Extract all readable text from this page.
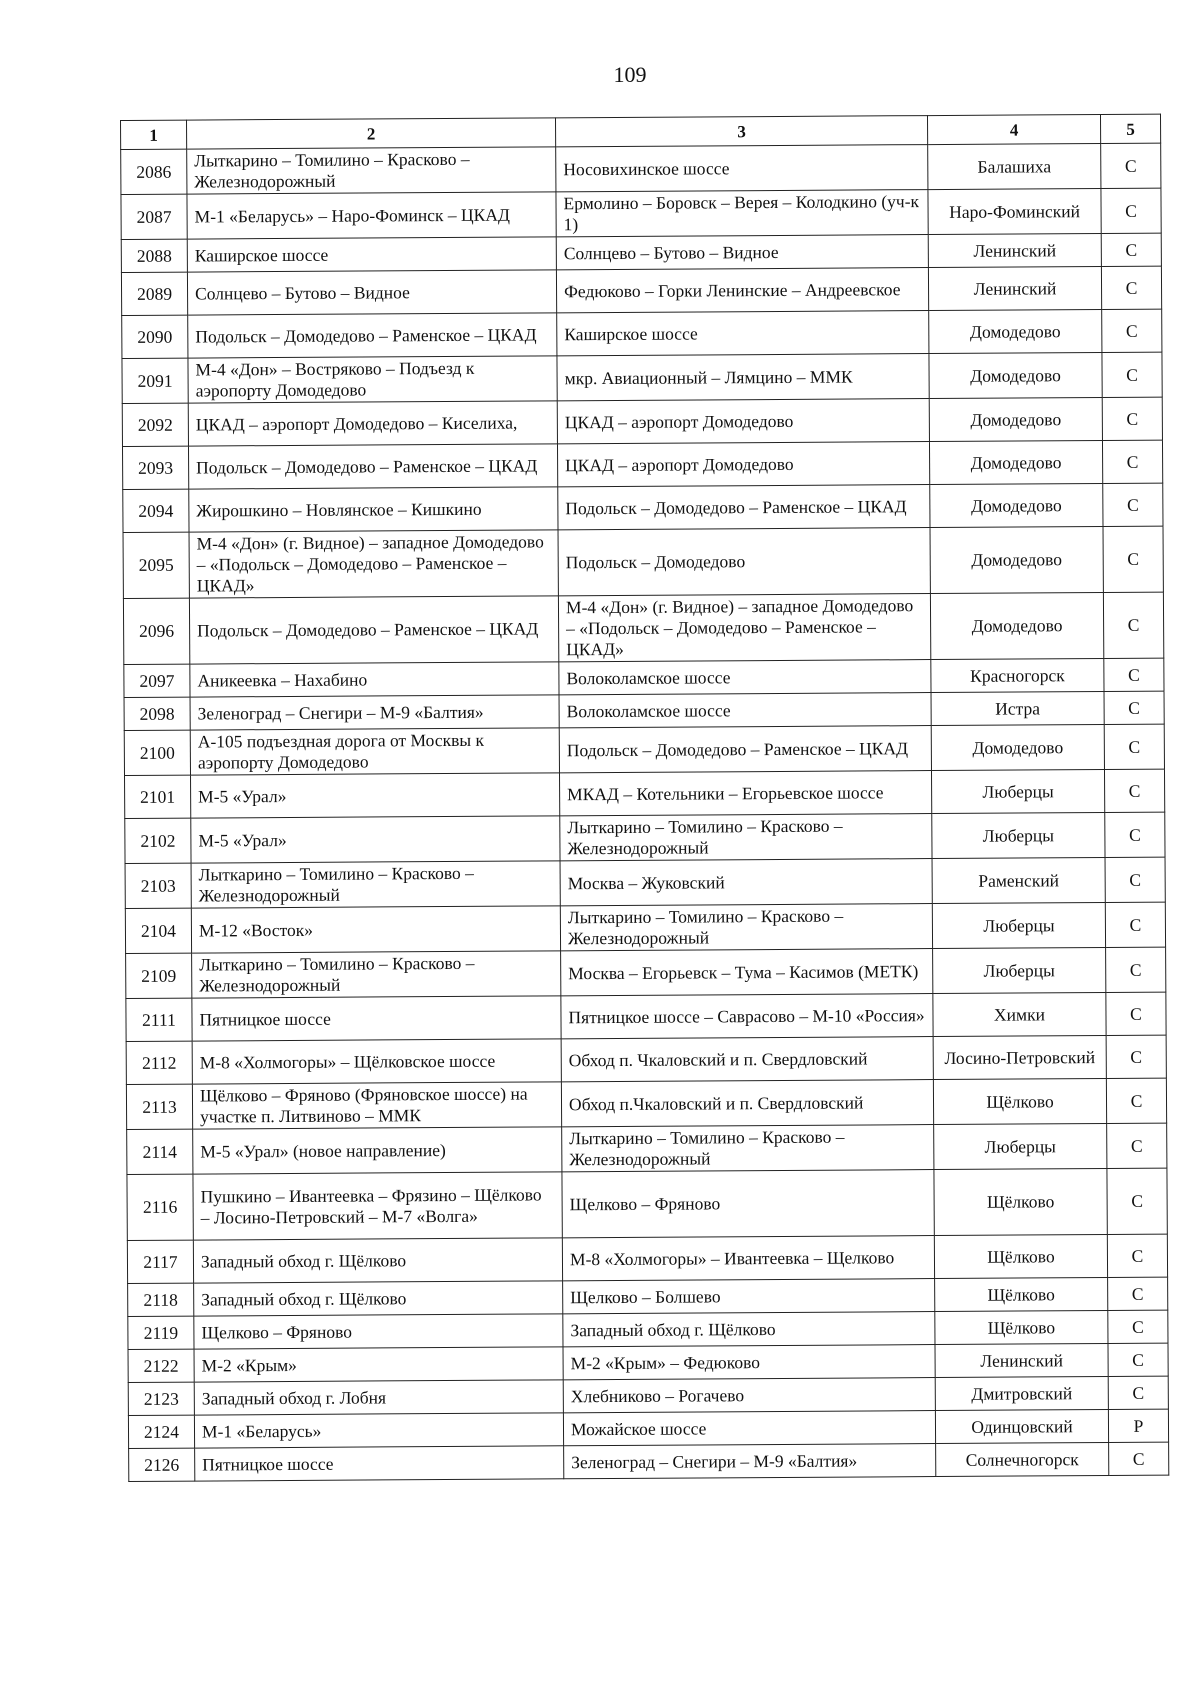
109
1	2	3	4	5
2086	Лыткарино – Томилино – Красково – Железнодорожный	Носовихинское шоссе	Балашиха	С
2087	М-1 «Беларусь» – Наро-Фоминск – ЦКАД	Ермолино – Боровск – Верея – Колодкино (уч-к 1)	Наро-Фоминский	С
2088	Каширское шоссе	Солнцево – Бутово – Видное	Ленинский	С
2089	Солнцево – Бутово – Видное	Федюково – Горки Ленинские – Андреевское	Ленинский	С
2090	Подольск – Домодедово – Раменское – ЦКАД	Каширское шоссе	Домодедово	С
2091	М-4 «Дон» – Востряково – Подъезд к аэропорту Домодедово	мкр. Авиационный – Лямцино – ММК	Домодедово	С
2092	ЦКАД – аэропорт Домодедово – Киселиха,	ЦКАД – аэропорт Домодедово	Домодедово	С
2093	Подольск – Домодедово – Раменское – ЦКАД	ЦКАД – аэропорт Домодедово	Домодедово	С
2094	Жирошкино – Новлянское – Кишкино	Подольск – Домодедово – Раменское – ЦКАД	Домодедово	С
2095	М-4 «Дон» (г. Видное) – западное Домодедово – «Подольск – Домодедово – Раменское – ЦКАД»	Подольск – Домодедово	Домодедово	С
2096	Подольск – Домодедово – Раменское – ЦКАД	М-4 «Дон» (г. Видное) – западное Домодедово – «Подольск – Домодедово – Раменское – ЦКАД»	Домодедово	С
2097	Аникеевка – Нахабино	Волоколамское шоссе	Красногорск	С
2098	Зеленоград – Снегири – М-9 «Балтия»	Волоколамское шоссе	Истра	С
2100	А-105 подъездная дорога от Москвы к аэропорту Домодедово	Подольск – Домодедово – Раменское – ЦКАД	Домодедово	С
2101	М-5 «Урал»	МКАД – Котельники – Егорьевское шоссе	Люберцы	С
2102	М-5 «Урал»	Лыткарино – Томилино – Красково – Железнодорожный	Люберцы	С
2103	Лыткарино – Томилино – Красково – Железнодорожный	Москва – Жуковский	Раменский	С
2104	М-12 «Восток»	Лыткарино – Томилино – Красково – Железнодорожный	Люберцы	С
2109	Лыткарино – Томилино – Красково – Железнодорожный	Москва – Егорьевск – Тума – Касимов (МЕТК)	Люберцы	С
2111	Пятницкое шоссе	Пятницкое шоссе – Саврасово – М-10 «Россия»	Химки	С
2112	М-8 «Холмогоры» – Щёлковское шоссе	Обход п. Чкаловский и п. Свердловский	Лосино-Петровский	С
2113	Щёлково – Фряново (Фряновское шоссе) на участке п. Литвиново – ММК	Обход п.Чкаловский и п. Свердловский	Щёлково	С
2114	М-5 «Урал» (новое направление)	Лыткарино – Томилино – Красково – Железнодорожный	Люберцы	С
2116	Пушкино – Ивантеевка – Фрязино – Щёлково – Лосино-Петровский – М-7 «Волга»	Щелково – Фряново	Щёлково	С
2117	Западный обход г. Щёлково	М-8 «Холмогоры» – Ивантеевка – Щелково	Щёлково	С
2118	Западный обход г. Щёлково	Щелково – Болшево	Щёлково	С
2119	Щелково – Фряново	Западный обход г. Щёлково	Щёлково	С
2122	М-2 «Крым»	М-2 «Крым» – Федюково	Ленинский	С
2123	Западный обход г. Лобня	Хлебниково – Рогачево	Дмитровский	С
2124	М-1 «Беларусь»	Можайское шоссе	Одинцовский	Р
2126	Пятницкое шоссе	Зеленоград – Снегири – М-9 «Балтия»	Солнечногорск	С
